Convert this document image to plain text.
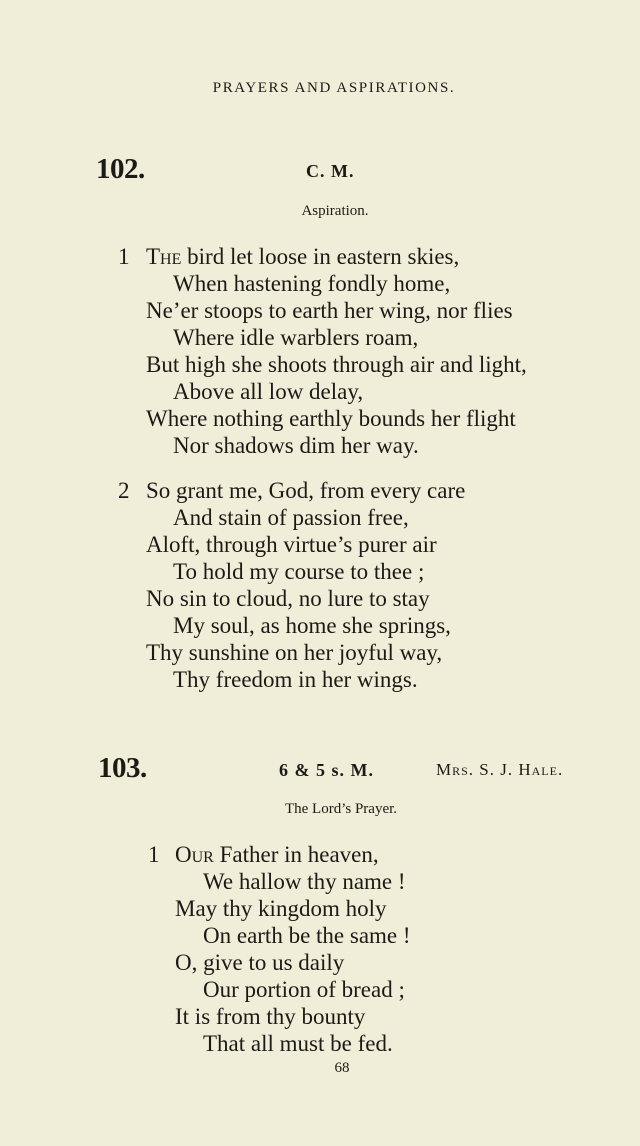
PRAYERS AND ASPIRATIONS.
102.	C. M.
Aspiration.
1 The bird let loose in eastern skies,
When hastening fondly home,
Ne’er stoops to earth her wing, nor flies
Where idle warblers roam,
But high she shoots through air and light,
Above all low delay,
Where nothing earthly bounds her flight
Nor shadows dim her way.
2 So grant me, God, from every care
And stain of passion free,
Aloft, through virtue’s purer air
To hold my course to thee ;
No sin to cloud, no lure to stay
My soul, as home she springs,
Thy sunshine on her joyful way,
Thy freedom in her wings.
103.	6 & 5 s. M.	Mrs. S. J. Hale.
The Lord’s Prayer.
1 Our Father in heaven,
We hallow thy name !
May thy kingdom holy
On earth be the same !
O, give to us daily
Our portion of bread ;
It is from thy bounty
That all must be fed.
68
